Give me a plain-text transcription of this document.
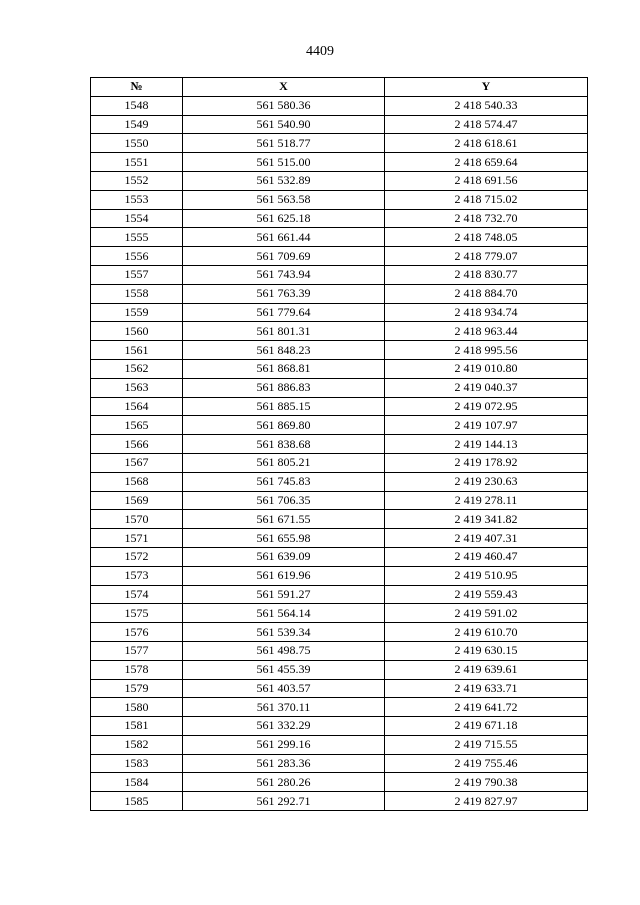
4409
№	X	Y
1548	561 580.36	2 418 540.33
1549	561 540.90	2 418 574.47
1550	561 518.77	2 418 618.61
1551	561 515.00	2 418 659.64
1552	561 532.89	2 418 691.56
1553	561 563.58	2 418 715.02
1554	561 625.18	2 418 732.70
1555	561 661.44	2 418 748.05
1556	561 709.69	2 418 779.07
1557	561 743.94	2 418 830.77
1558	561 763.39	2 418 884.70
1559	561 779.64	2 418 934.74
1560	561 801.31	2 418 963.44
1561	561 848.23	2 418 995.56
1562	561 868.81	2 419 010.80
1563	561 886.83	2 419 040.37
1564	561 885.15	2 419 072.95
1565	561 869.80	2 419 107.97
1566	561 838.68	2 419 144.13
1567	561 805.21	2 419 178.92
1568	561 745.83	2 419 230.63
1569	561 706.35	2 419 278.11
1570	561 671.55	2 419 341.82
1571	561 655.98	2 419 407.31
1572	561 639.09	2 419 460.47
1573	561 619.96	2 419 510.95
1574	561 591.27	2 419 559.43
1575	561 564.14	2 419 591.02
1576	561 539.34	2 419 610.70
1577	561 498.75	2 419 630.15
1578	561 455.39	2 419 639.61
1579	561 403.57	2 419 633.71
1580	561 370.11	2 419 641.72
1581	561 332.29	2 419 671.18
1582	561 299.16	2 419 715.55
1583	561 283.36	2 419 755.46
1584	561 280.26	2 419 790.38
1585	561 292.71	2 419 827.97
